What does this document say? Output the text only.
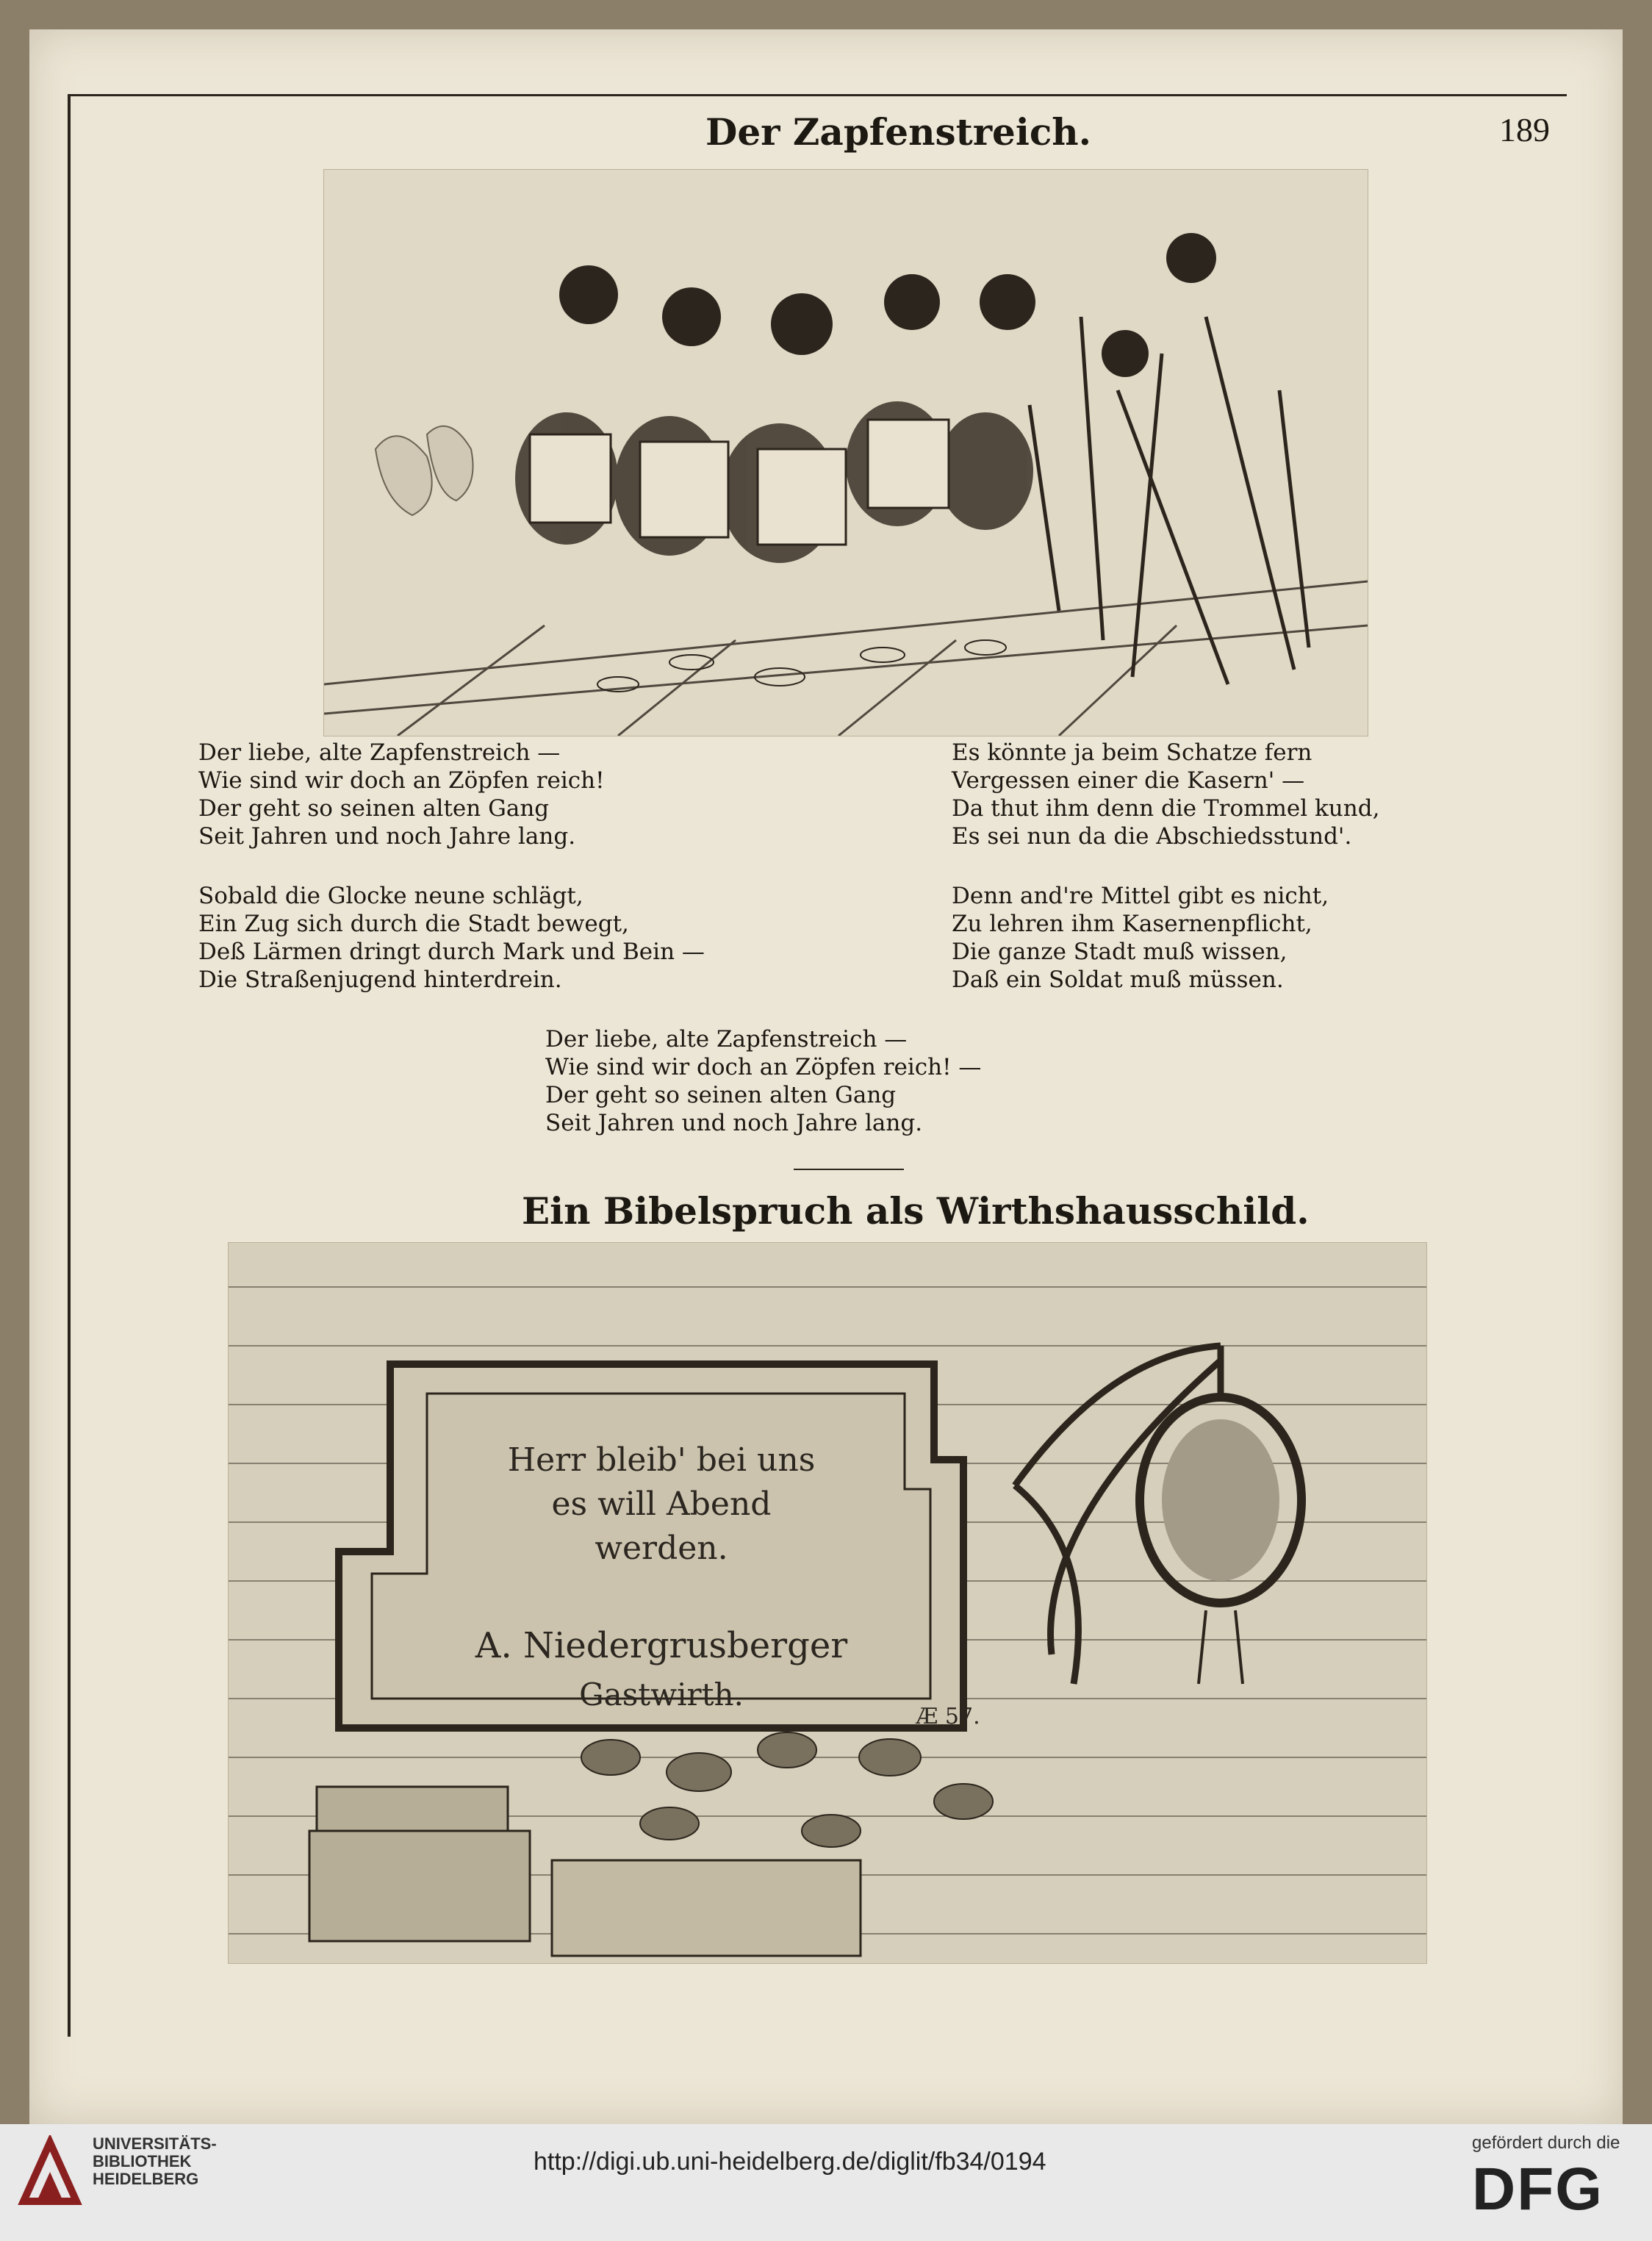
Der Zapfenstreich.	189
Der liebe, alte Zapfenstreich —
Wie sind wir doch an Zöpfen reich!
Der geht so seinen alten Gang
Seit Jahren und noch Jahre lang.
Sobald die Glocke neune schlägt,
Ein Zug sich durch die Stadt bewegt,
Deß Lärmen dringt durch Mark und Bein —
Die Straßenjugend hinterdrein.
Es könnte ja beim Schatze fern
Vergessen einer die Kasern' —
Da thut ihm denn die Trommel kund,
Es sei nun da die Abschiedsstund'.
Denn and're Mittel gibt es nicht,
Zu lehren ihm Kasernenpflicht,
Die ganze Stadt muß wissen,
Daß ein Soldat muß müssen.
Der liebe, alte Zapfenstreich —
Wie sind wir doch an Zöpfen reich! —
Der geht so seinen alten Gang
Seit Jahren und noch Jahre lang.
Ein Bibelspruch als Wirthshausschild.
Herr bleib' bei uns
es will Abend
werden.
A. Niedergrusberger
Gastwirth.
Æ 57.
UNIVERSITÄTS-
BIBLIOTHEK
HEIDELBERG
http://digi.ub.uni-heidelberg.de/diglit/fb34/0194
gefördert durch die
DFG
